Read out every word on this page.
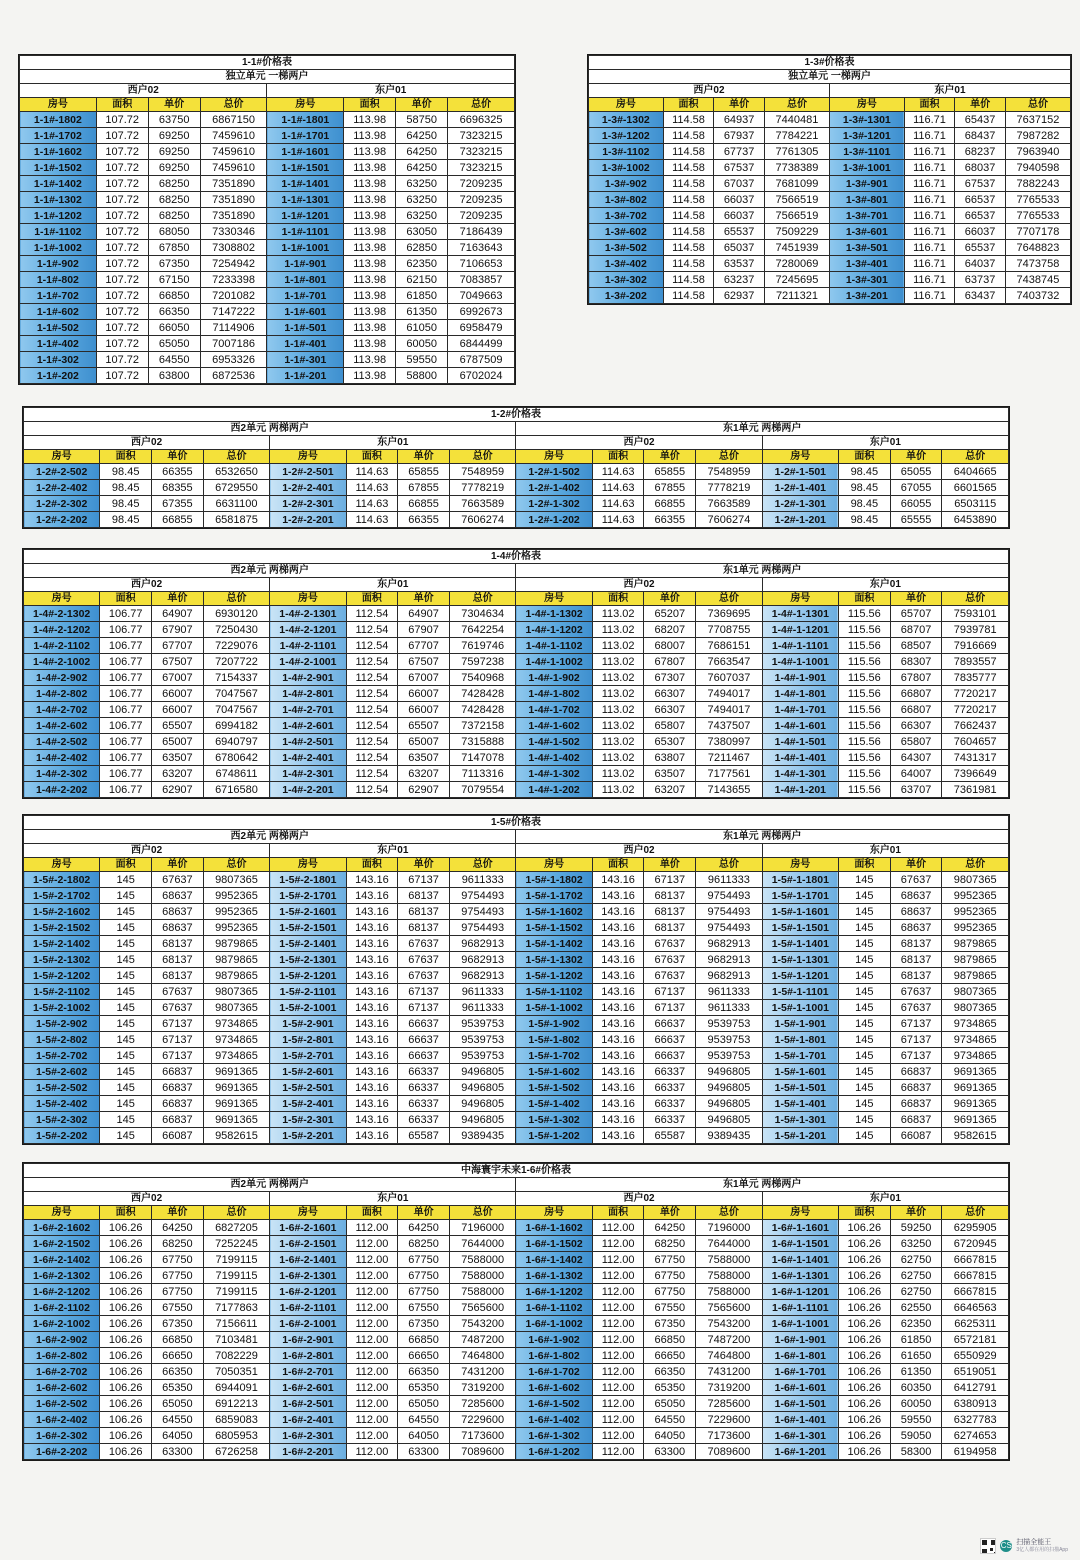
1-1#价格表							
独立单元 一梯两户							
西户02				东户01			
房号	面积	单价	总价	房号	面积	单价	总价
1-1#-1802	107.72	63750	6867150	1-1#-1801	113.98	58750	6696325
1-1#-1702	107.72	69250	7459610	1-1#-1701	113.98	64250	7323215
1-1#-1602	107.72	69250	7459610	1-1#-1601	113.98	64250	7323215
1-1#-1502	107.72	69250	7459610	1-1#-1501	113.98	64250	7323215
1-1#-1402	107.72	68250	7351890	1-1#-1401	113.98	63250	7209235
1-1#-1302	107.72	68250	7351890	1-1#-1301	113.98	63250	7209235
1-1#-1202	107.72	68250	7351890	1-1#-1201	113.98	63250	7209235
1-1#-1102	107.72	68050	7330346	1-1#-1101	113.98	63050	7186439
1-1#-1002	107.72	67850	7308802	1-1#-1001	113.98	62850	7163643
1-1#-902	107.72	67350	7254942	1-1#-901	113.98	62350	7106653
1-1#-802	107.72	67150	7233398	1-1#-801	113.98	62150	7083857
1-1#-702	107.72	66850	7201082	1-1#-701	113.98	61850	7049663
1-1#-602	107.72	66350	7147222	1-1#-601	113.98	61350	6992673
1-1#-502	107.72	66050	7114906	1-1#-501	113.98	61050	6958479
1-1#-402	107.72	65050	7007186	1-1#-401	113.98	60050	6844499
1-1#-302	107.72	64550	6953326	1-1#-301	113.98	59550	6787509
1-1#-202	107.72	63800	6872536	1-1#-201	113.98	58800	6702024
1-3#价格表							
独立单元 一梯两户							
西户02				东户01			
房号	面积	单价	总价	房号	面积	单价	总价
1-3#-1302	114.58	64937	7440481	1-3#-1301	116.71	65437	7637152
1-3#-1202	114.58	67937	7784221	1-3#-1201	116.71	68437	7987282
1-3#-1102	114.58	67737	7761305	1-3#-1101	116.71	68237	7963940
1-3#-1002	114.58	67537	7738389	1-3#-1001	116.71	68037	7940598
1-3#-902	114.58	67037	7681099	1-3#-901	116.71	67537	7882243
1-3#-802	114.58	66037	7566519	1-3#-801	116.71	66537	7765533
1-3#-702	114.58	66037	7566519	1-3#-701	116.71	66537	7765533
1-3#-602	114.58	65537	7509229	1-3#-601	116.71	66037	7707178
1-3#-502	114.58	65037	7451939	1-3#-501	116.71	65537	7648823
1-3#-402	114.58	63537	7280069	1-3#-401	116.71	64037	7473758
1-3#-302	114.58	63237	7245695	1-3#-301	116.71	63737	7438745
1-3#-202	114.58	62937	7211321	1-3#-201	116.71	63437	7403732
1-2#价格表															
西2单元 两梯两户								东1单元 两梯两户							
西户02				东户01				西户02				东户01			
房号	面积	单价	总价	房号	面积	单价	总价	房号	面积	单价	总价	房号	面积	单价	总价
1-2#-2-502	98.45	66355	6532650	1-2#-2-501	114.63	65855	7548959	1-2#-1-502	114.63	65855	7548959	1-2#-1-501	98.45	65055	6404665
1-2#-2-402	98.45	68355	6729550	1-2#-2-401	114.63	67855	7778219	1-2#-1-402	114.63	67855	7778219	1-2#-1-401	98.45	67055	6601565
1-2#-2-302	98.45	67355	6631100	1-2#-2-301	114.63	66855	7663589	1-2#-1-302	114.63	66855	7663589	1-2#-1-301	98.45	66055	6503115
1-2#-2-202	98.45	66855	6581875	1-2#-2-201	114.63	66355	7606274	1-2#-1-202	114.63	66355	7606274	1-2#-1-201	98.45	65555	6453890
1-4#价格表															
西2单元 两梯两户								东1单元 两梯两户							
西户02				东户01				西户02				东户01			
房号	面积	单价	总价	房号	面积	单价	总价	房号	面积	单价	总价	房号	面积	单价	总价
1-4#-2-1302	106.77	64907	6930120	1-4#-2-1301	112.54	64907	7304634	1-4#-1-1302	113.02	65207	7369695	1-4#-1-1301	115.56	65707	7593101
1-4#-2-1202	106.77	67907	7250430	1-4#-2-1201	112.54	67907	7642254	1-4#-1-1202	113.02	68207	7708755	1-4#-1-1201	115.56	68707	7939781
1-4#-2-1102	106.77	67707	7229076	1-4#-2-1101	112.54	67707	7619746	1-4#-1-1102	113.02	68007	7686151	1-4#-1-1101	115.56	68507	7916669
1-4#-2-1002	106.77	67507	7207722	1-4#-2-1001	112.54	67507	7597238	1-4#-1-1002	113.02	67807	7663547	1-4#-1-1001	115.56	68307	7893557
1-4#-2-902	106.77	67007	7154337	1-4#-2-901	112.54	67007	7540968	1-4#-1-902	113.02	67307	7607037	1-4#-1-901	115.56	67807	7835777
1-4#-2-802	106.77	66007	7047567	1-4#-2-801	112.54	66007	7428428	1-4#-1-802	113.02	66307	7494017	1-4#-1-801	115.56	66807	7720217
1-4#-2-702	106.77	66007	7047567	1-4#-2-701	112.54	66007	7428428	1-4#-1-702	113.02	66307	7494017	1-4#-1-701	115.56	66807	7720217
1-4#-2-602	106.77	65507	6994182	1-4#-2-601	112.54	65507	7372158	1-4#-1-602	113.02	65807	7437507	1-4#-1-601	115.56	66307	7662437
1-4#-2-502	106.77	65007	6940797	1-4#-2-501	112.54	65007	7315888	1-4#-1-502	113.02	65307	7380997	1-4#-1-501	115.56	65807	7604657
1-4#-2-402	106.77	63507	6780642	1-4#-2-401	112.54	63507	7147078	1-4#-1-402	113.02	63807	7211467	1-4#-1-401	115.56	64307	7431317
1-4#-2-302	106.77	63207	6748611	1-4#-2-301	112.54	63207	7113316	1-4#-1-302	113.02	63507	7177561	1-4#-1-301	115.56	64007	7396649
1-4#-2-202	106.77	62907	6716580	1-4#-2-201	112.54	62907	7079554	1-4#-1-202	113.02	63207	7143655	1-4#-1-201	115.56	63707	7361981
1-5#价格表															
西2单元 两梯两户								东1单元 两梯两户							
西户02				东户01				西户02				东户01			
房号	面积	单价	总价	房号	面积	单价	总价	房号	面积	单价	总价	房号	面积	单价	总价
1-5#-2-1802	145	67637	9807365	1-5#-2-1801	143.16	67137	9611333	1-5#-1-1802	143.16	67137	9611333	1-5#-1-1801	145	67637	9807365
1-5#-2-1702	145	68637	9952365	1-5#-2-1701	143.16	68137	9754493	1-5#-1-1702	143.16	68137	9754493	1-5#-1-1701	145	68637	9952365
1-5#-2-1602	145	68637	9952365	1-5#-2-1601	143.16	68137	9754493	1-5#-1-1602	143.16	68137	9754493	1-5#-1-1601	145	68637	9952365
1-5#-2-1502	145	68637	9952365	1-5#-2-1501	143.16	68137	9754493	1-5#-1-1502	143.16	68137	9754493	1-5#-1-1501	145	68637	9952365
1-5#-2-1402	145	68137	9879865	1-5#-2-1401	143.16	67637	9682913	1-5#-1-1402	143.16	67637	9682913	1-5#-1-1401	145	68137	9879865
1-5#-2-1302	145	68137	9879865	1-5#-2-1301	143.16	67637	9682913	1-5#-1-1302	143.16	67637	9682913	1-5#-1-1301	145	68137	9879865
1-5#-2-1202	145	68137	9879865	1-5#-2-1201	143.16	67637	9682913	1-5#-1-1202	143.16	67637	9682913	1-5#-1-1201	145	68137	9879865
1-5#-2-1102	145	67637	9807365	1-5#-2-1101	143.16	67137	9611333	1-5#-1-1102	143.16	67137	9611333	1-5#-1-1101	145	67637	9807365
1-5#-2-1002	145	67637	9807365	1-5#-2-1001	143.16	67137	9611333	1-5#-1-1002	143.16	67137	9611333	1-5#-1-1001	145	67637	9807365
1-5#-2-902	145	67137	9734865	1-5#-2-901	143.16	66637	9539753	1-5#-1-902	143.16	66637	9539753	1-5#-1-901	145	67137	9734865
1-5#-2-802	145	67137	9734865	1-5#-2-801	143.16	66637	9539753	1-5#-1-802	143.16	66637	9539753	1-5#-1-801	145	67137	9734865
1-5#-2-702	145	67137	9734865	1-5#-2-701	143.16	66637	9539753	1-5#-1-702	143.16	66637	9539753	1-5#-1-701	145	67137	9734865
1-5#-2-602	145	66837	9691365	1-5#-2-601	143.16	66337	9496805	1-5#-1-602	143.16	66337	9496805	1-5#-1-601	145	66837	9691365
1-5#-2-502	145	66837	9691365	1-5#-2-501	143.16	66337	9496805	1-5#-1-502	143.16	66337	9496805	1-5#-1-501	145	66837	9691365
1-5#-2-402	145	66837	9691365	1-5#-2-401	143.16	66337	9496805	1-5#-1-402	143.16	66337	9496805	1-5#-1-401	145	66837	9691365
1-5#-2-302	145	66837	9691365	1-5#-2-301	143.16	66337	9496805	1-5#-1-302	143.16	66337	9496805	1-5#-1-301	145	66837	9691365
1-5#-2-202	145	66087	9582615	1-5#-2-201	143.16	65587	9389435	1-5#-1-202	143.16	65587	9389435	1-5#-1-201	145	66087	9582615
中海寰宇未来1-6#价格表															
西2单元 两梯两户								东1单元 两梯两户							
西户02				东户01				西户02				东户01			
房号	面积	单价	总价	房号	面积	单价	总价	房号	面积	单价	总价	房号	面积	单价	总价
1-6#-2-1602	106.26	64250	6827205	1-6#-2-1601	112.00	64250	7196000	1-6#-1-1602	112.00	64250	7196000	1-6#-1-1601	106.26	59250	6295905
1-6#-2-1502	106.26	68250	7252245	1-6#-2-1501	112.00	68250	7644000	1-6#-1-1502	112.00	68250	7644000	1-6#-1-1501	106.26	63250	6720945
1-6#-2-1402	106.26	67750	7199115	1-6#-2-1401	112.00	67750	7588000	1-6#-1-1402	112.00	67750	7588000	1-6#-1-1401	106.26	62750	6667815
1-6#-2-1302	106.26	67750	7199115	1-6#-2-1301	112.00	67750	7588000	1-6#-1-1302	112.00	67750	7588000	1-6#-1-1301	106.26	62750	6667815
1-6#-2-1202	106.26	67750	7199115	1-6#-2-1201	112.00	67750	7588000	1-6#-1-1202	112.00	67750	7588000	1-6#-1-1201	106.26	62750	6667815
1-6#-2-1102	106.26	67550	7177863	1-6#-2-1101	112.00	67550	7565600	1-6#-1-1102	112.00	67550	7565600	1-6#-1-1101	106.26	62550	6646563
1-6#-2-1002	106.26	67350	7156611	1-6#-2-1001	112.00	67350	7543200	1-6#-1-1002	112.00	67350	7543200	1-6#-1-1001	106.26	62350	6625311
1-6#-2-902	106.26	66850	7103481	1-6#-2-901	112.00	66850	7487200	1-6#-1-902	112.00	66850	7487200	1-6#-1-901	106.26	61850	6572181
1-6#-2-802	106.26	66650	7082229	1-6#-2-801	112.00	66650	7464800	1-6#-1-802	112.00	66650	7464800	1-6#-1-801	106.26	61650	6550929
1-6#-2-702	106.26	66350	7050351	1-6#-2-701	112.00	66350	7431200	1-6#-1-702	112.00	66350	7431200	1-6#-1-701	106.26	61350	6519051
1-6#-2-602	106.26	65350	6944091	1-6#-2-601	112.00	65350	7319200	1-6#-1-602	112.00	65350	7319200	1-6#-1-601	106.26	60350	6412791
1-6#-2-502	106.26	65050	6912213	1-6#-2-501	112.00	65050	7285600	1-6#-1-502	112.00	65050	7285600	1-6#-1-501	106.26	60050	6380913
1-6#-2-402	106.26	64550	6859083	1-6#-2-401	112.00	64550	7229600	1-6#-1-402	112.00	64550	7229600	1-6#-1-401	106.26	59550	6327783
1-6#-2-302	106.26	64050	6805953	1-6#-2-301	112.00	64050	7173600	1-6#-1-302	112.00	64050	7173600	1-6#-1-301	106.26	59050	6274653
1-6#-2-202	106.26	63300	6726258	1-6#-2-201	112.00	63300	7089600	1-6#-1-202	112.00	63300	7089600	1-6#-1-201	106.26	58300	6194958
CS 扫描全能王
3亿人都在用的扫描App
